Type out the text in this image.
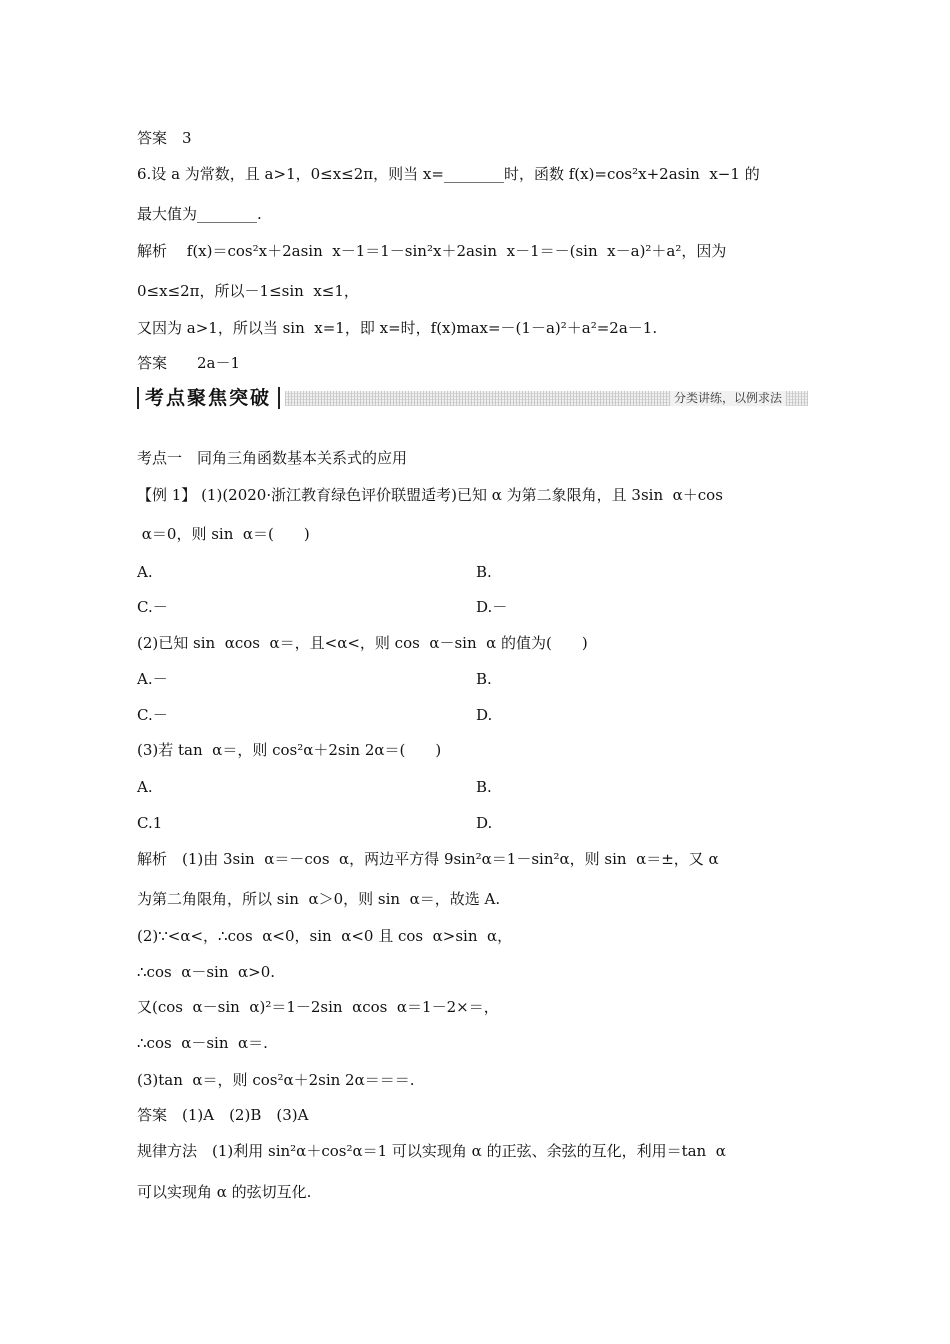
答案　3
6.设 a 为常数，且 a>1，0≤x≤2π，则当 x=________时，函数 f(x)=cos²x+2asin  x−1 的
最大值为________.
解析　 f(x)＝cos²x＋2asin  x－1＝1－sin²x＋2asin  x－1＝－(sin  x－a)²＋a²，因为
0≤x≤2π，所以－1≤sin  x≤1，
又因为 a>1，所以当 sin  x=1，即 x=时，f(x)max=－(1－a)²＋a²=2a－1.
答案　　2a－1
考点聚焦突破	分类讲练，以例求法
考点一　同角三角函数基本关系式的应用
【例 1】 (1)(2020·浙江教育绿色评价联盟适考)已知 α 为第二象限角，且 3sin  α＋cos
α＝0，则 sin  α＝(　　)
A.	B.
C.－	D.－
(2)已知 sin  αcos  α＝，且<α<，则 cos  α－sin  α 的值为(　　)
A.－	B.
C.－	D.
(3)若 tan  α＝，则 cos²α＋2sin 2α＝(　　)
A.	B.
C.1	D.
解析　(1)由 3sin  α＝－cos  α，两边平方得 9sin²α＝1－sin²α，则 sin  α＝±，又 α
为第二角限角，所以 sin  α＞0，则 sin  α＝，故选 A.
(2)∵<α<，∴cos  α<0，sin  α<0 且 cos  α>sin  α，
∴cos  α－sin  α>0.
又(cos  α－sin  α)²＝1－2sin  αcos  α＝1－2×＝，
∴cos  α－sin  α＝.
(3)tan  α＝，则 cos²α＋2sin 2α＝＝＝.
答案　(1)A　(2)B　(3)A
规律方法　(1)利用 sin²α＋cos²α＝1 可以实现角 α 的正弦、余弦的互化，利用＝tan  α
可以实现角 α 的弦切互化.
